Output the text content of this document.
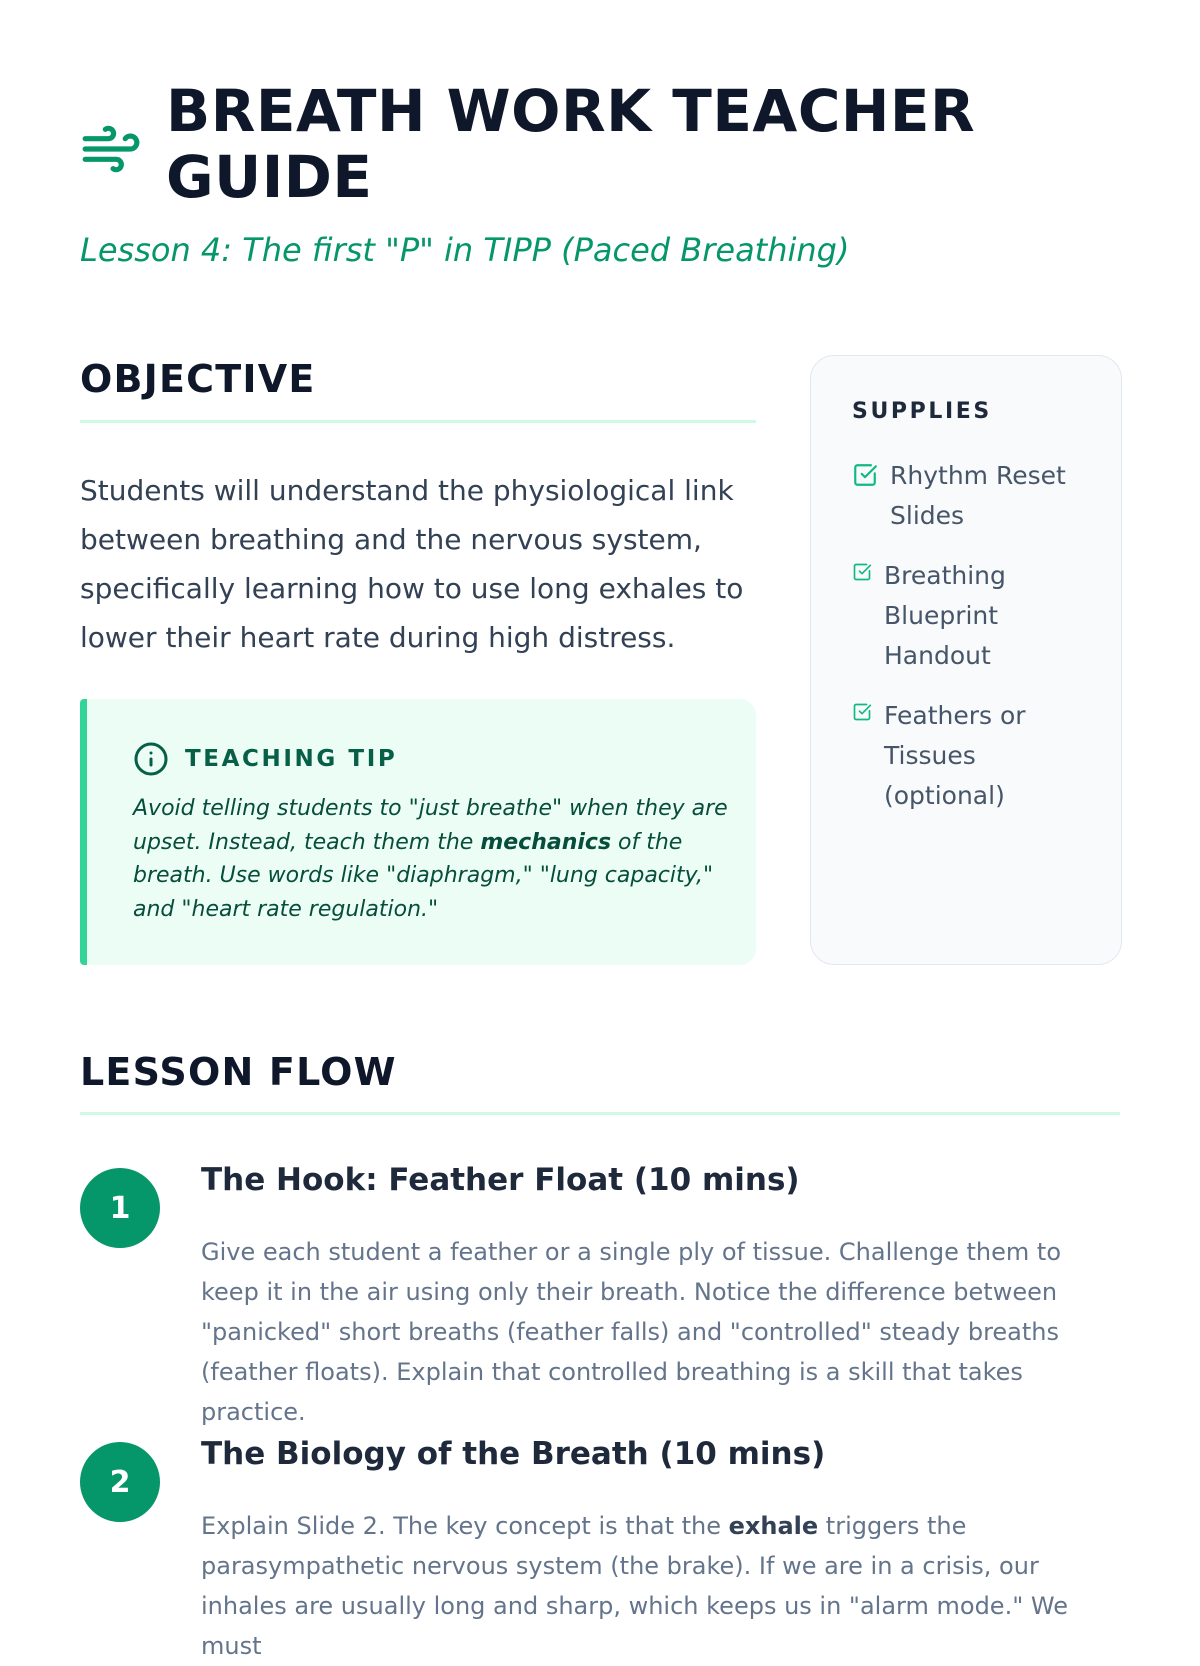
BREATH WORK TEACHER GUIDE
Lesson 4: The first "P" in TIPP (Paced Breathing)
OBJECTIVE

Students will understand the physiological link between breathing and the nervous system, specifically learning how to use long exhales to lower their heart rate during high distress.

TEACHING TIP

Avoid telling students to "just breathe" when they are upset. Instead, teach them the mechanics of the breath. Use words like "diaphragm," "lung capacity," and "heart rate regulation."

SUPPLIES
Rhythm Reset Slides
Breathing Blueprint Handout
Feathers or Tissues (optional)
LESSON FLOW
1
The Hook: Feather Float (10 mins)

Give each student a feather or a single ply of tissue. Challenge them to keep it in the air using only their breath. Notice the difference between "panicked" short breaths (feather falls) and "controlled" steady breaths (feather floats). Explain that controlled breathing is a skill that takes practice.

2
The Biology of the Breath (10 mins)

Explain Slide 2. The key concept is that the exhale triggers the parasympathetic nervous system (the brake). If we are in a crisis, our inhales are usually long and sharp, which keeps us in "alarm mode." We must
